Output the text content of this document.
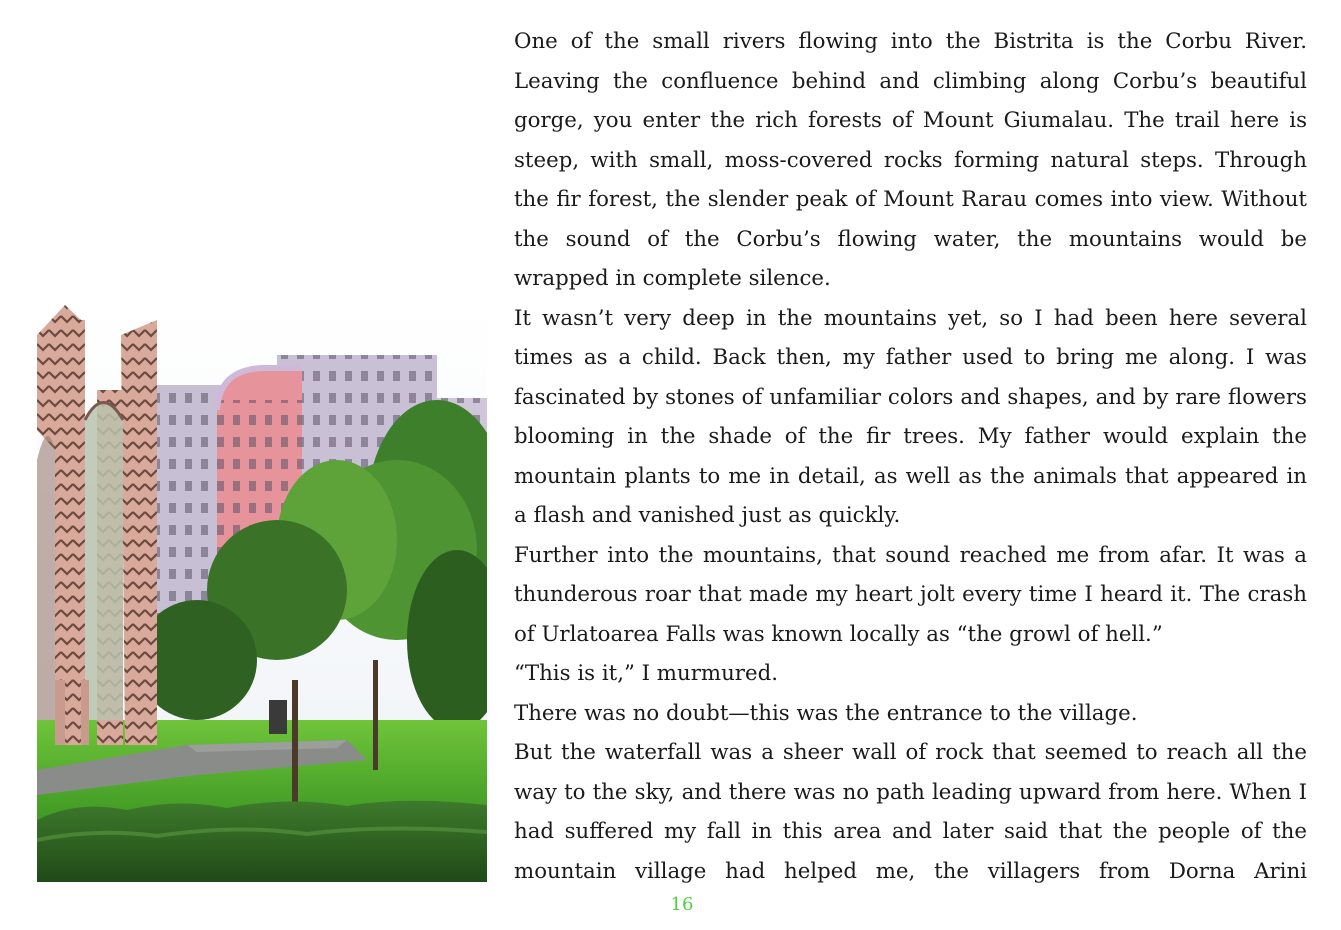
One of the small rivers flowing into the Bistrita is the Corbu River. Leaving the confluence behind and climbing along Corbu’s beautiful gorge, you enter the rich forests of Mount Giumalau. The trail here is steep, with small, moss-covered rocks forming natural steps. Through the fir forest, the slender peak of Mount Rarau comes into view. Without the sound of the Corbu’s flowing water, the mountains would be wrapped in complete silence.

It wasn’t very deep in the mountains yet, so I had been here several times as a child. Back then, my father used to bring me along. I was fascinated by stones of unfamiliar colors and shapes, and by rare flowers blooming in the shade of the fir trees. My father would explain the mountain plants to me in detail, as well as the animals that appeared in a flash and vanished just as quickly.

Further into the mountains, that sound reached me from afar. It was a thunderous roar that made my heart jolt every time I heard it. The crash of Urlatoarea Falls was known locally as “the growl of hell.”

“This is it,” I murmured.

There was no doubt—this was the entrance to the village.

But the waterfall was a sheer wall of rock that seemed to reach all the way to the sky, and there was no path leading upward from here. When I had suffered my fall in this area and later said that the people of the mountain village had helped me, the villagers from Dorna Arini

16
